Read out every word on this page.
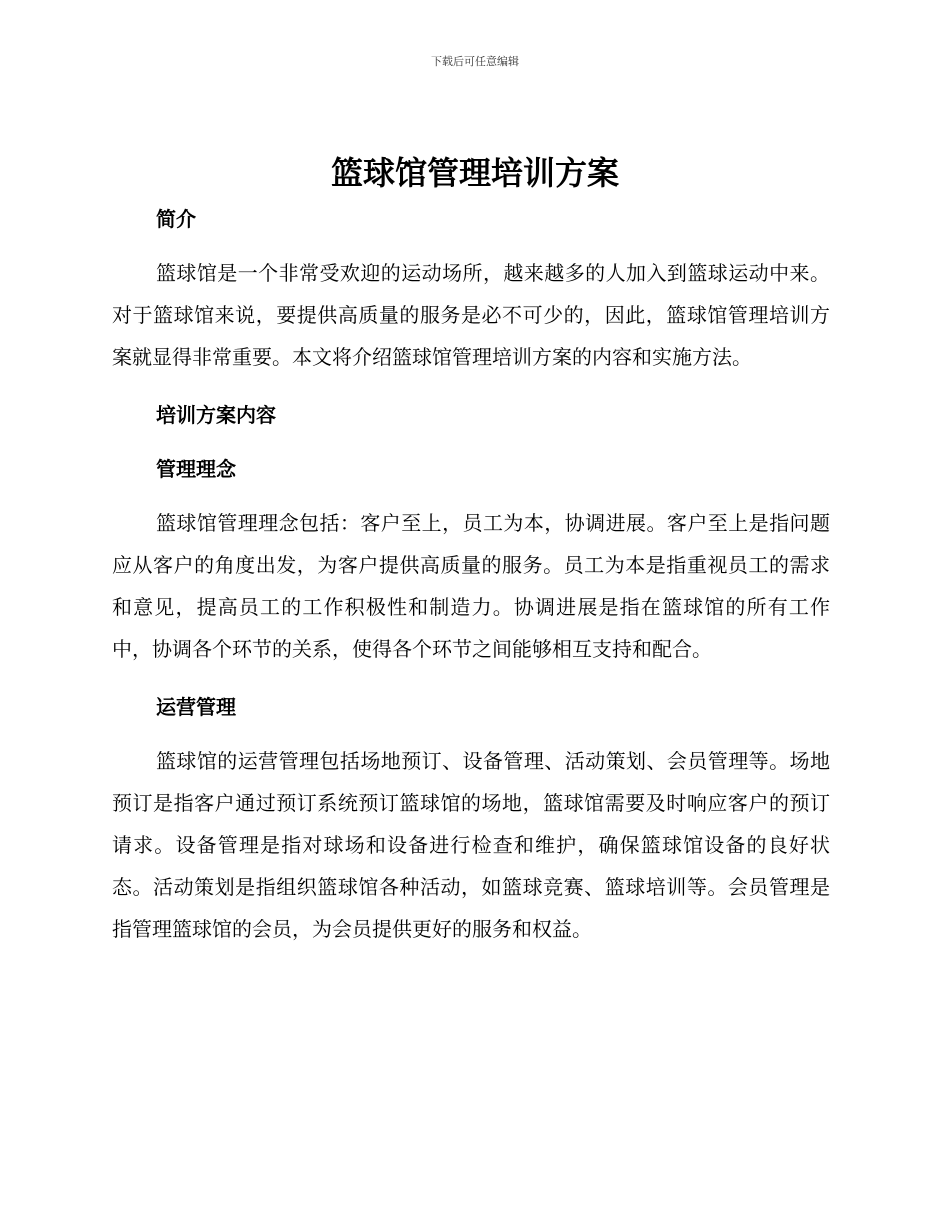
下载后可任意编辑
篮球馆管理培训方案
简介

篮球馆是一个非常受欢迎的运动场所，越来越多的人加入到篮球运动中来。对于篮球馆来说，要提供高质量的服务是必不可少的，因此，篮球馆管理培训方案就显得非常重要。本文将介绍篮球馆管理培训方案的内容和实施方法。

培训方案内容
管理理念

篮球馆管理理念包括：客户至上，员工为本，协调进展。客户至上是指问题应从客户的角度出发，为客户提供高质量的服务。员工为本是指重视员工的需求和意见，提高员工的工作积极性和制造力。协调进展是指在篮球馆的所有工作中，协调各个环节的关系，使得各个环节之间能够相互支持和配合。

运营管理

篮球馆的运营管理包括场地预订、设备管理、活动策划、会员管理等。场地预订是指客户通过预订系统预订篮球馆的场地，篮球馆需要及时响应客户的预订请求。设备管理是指对球场和设备进行检查和维护，确保篮球馆设备的良好状态。活动策划是指组织篮球馆各种活动，如篮球竞赛、篮球培训等。会员管理是指管理篮球馆的会员，为会员提供更好的服务和权益。
